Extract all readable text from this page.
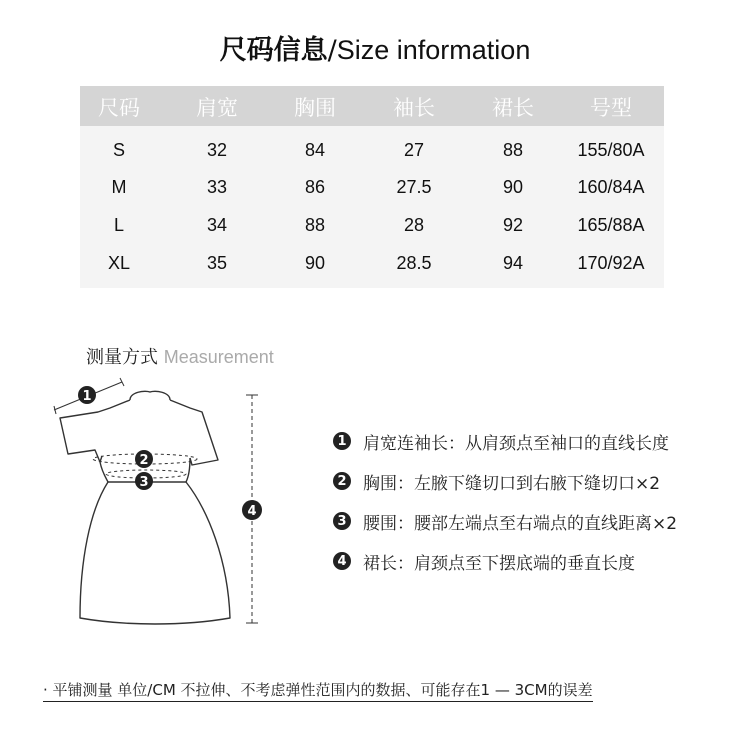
尺码信息/Size information
尺码	肩宽	胸围	袖长	裙长	号型
S	32	84	27	88	155/80A
M	33	86	27.5	90	160/84A
L	34	88	28	92	165/88A
XL	35	90	28.5	94	170/92A
测量方式 Measurement
1
2
3
4
1 肩宽连袖长：从肩颈点至袖口的直线长度
2 胸围：左腋下缝切口到右腋下缝切口×2
3 腰围：腰部左端点至右端点的直线距离×2
4 裙长：肩颈点至下摆底端的垂直长度
· 平铺测量 单位/CM 不拉伸、不考虑弹性范围内的数据、可能存在1 — 3CM的误差
